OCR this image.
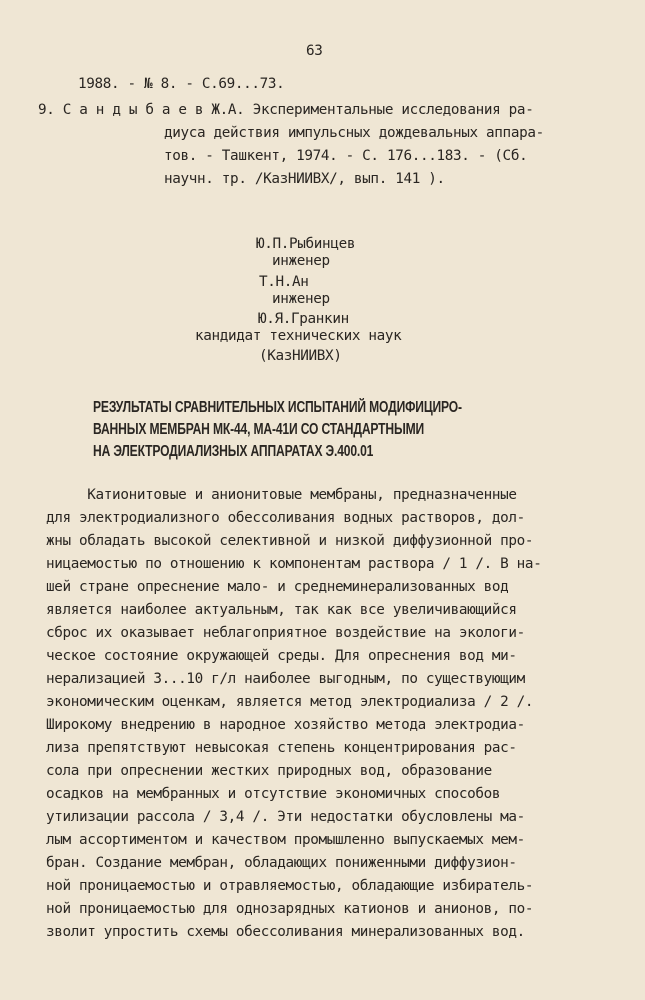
63
1988. - № 8. - С.69...73.
9. С а н д ы б а е в Ж.А. Экспериментальные исследования ра-
диуса действия импульсных дождевальных аппара-
тов. - Ташкент, 1974. - С. 176...183. - (Сб.
научн. тр. /КазНИИВХ/, вып. 141 ).
Ю.П.Рыбинцев
инженер
Т.Н.Ан
инженер
Ю.Я.Гранкин
кандидат технических наук
(КазНИИВХ)
РЕЗУЛЬТАТЫ СРАВНИТЕЛЬНЫХ ИСПЫТАНИЙ МОДИФИЦИРО-
ВАННЫХ МЕМБРАН МК-44, МА-41И СО СТАНДАРТНЫМИ
НА ЭЛЕКТРОДИАЛИЗНЫХ АППАРАТАХ Э.400.01
Катионитовые и анионитовые мембраны, предназначенные
для электродиализного обессоливания водных растворов, дол-
жны обладать высокой селективной и низкой диффузионной про-
ницаемостью по отношению к компонентам раствора / 1 /. В на-
шей стране опреснение мало- и среднеминерализованных вод
является наиболее актуальным, так как все увеличивающийся
сброс их оказывает неблагоприятное воздействие на экологи-
ческое состояние окружающей среды. Для опреснения вод ми-
нерализацией 3...10 г/л наиболее выгодным, по существующим
экономическим оценкам, является метод электродиализа / 2 /.
Широкому внедрению в народное хозяйство метода электродиа-
лиза препятствуют невысокая степень концентрирования рас-
сола при опреснении жестких природных вод, образование
осадков на мембранных и отсутствие экономичных способов
утилизации рассола / 3,4 /. Эти недостатки обусловлены ма-
лым ассортиментом и качеством промышленно выпускаемых мем-
бран. Создание мембран, обладающих пониженными диффузион-
ной проницаемостью и отравляемостью, обладающие избиратель-
ной проницаемостью для однозарядных катионов и анионов, по-
зволит упростить схемы обессоливания минерализованных вод.
